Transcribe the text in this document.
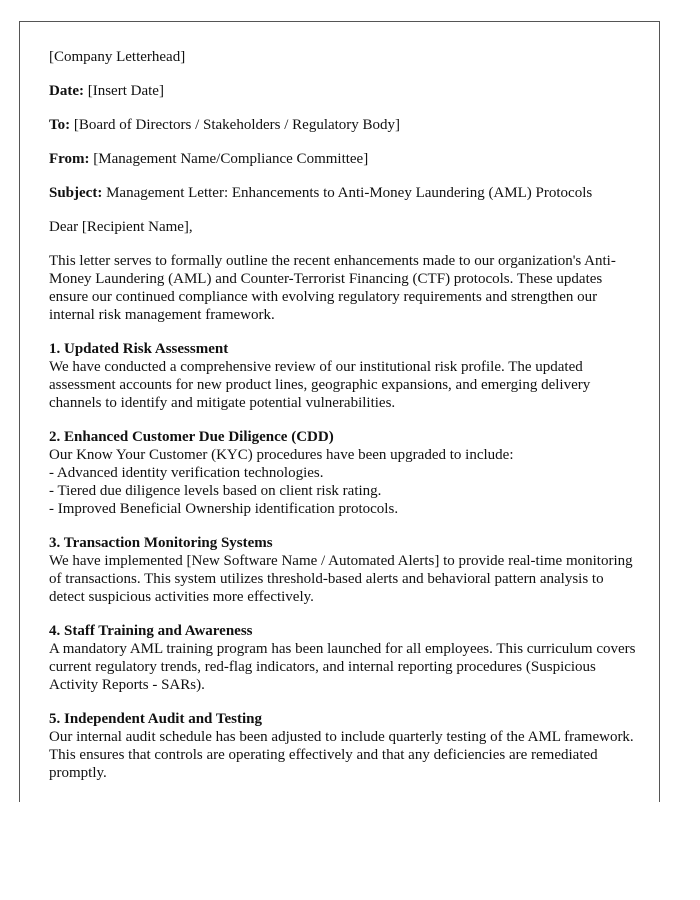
[Company Letterhead]
Date: [Insert Date]
To: [Board of Directors / Stakeholders / Regulatory Body]
From: [Management Name/Compliance Committee]
Subject: Management Letter: Enhancements to Anti-Money Laundering (AML) Protocols
Dear [Recipient Name],

This letter serves to formally outline the recent enhancements made to our organization's Anti-Money Laundering (AML) and Counter-Terrorist Financing (CTF) protocols. These updates ensure our continued compliance with evolving regulatory requirements and strengthen our internal risk management framework.

1. Updated Risk Assessment
We have conducted a comprehensive review of our institutional risk profile. The updated assessment accounts for new product lines, geographic expansions, and emerging delivery channels to identify and mitigate potential vulnerabilities.
2. Enhanced Customer Due Diligence (CDD)
Our Know Your Customer (KYC) procedures have been upgraded to include:
- Advanced identity verification technologies.
- Tiered due diligence levels based on client risk rating.
- Improved Beneficial Ownership identification protocols.
3. Transaction Monitoring Systems
We have implemented [New Software Name / Automated Alerts] to provide real-time monitoring of transactions. This system utilizes threshold-based alerts and behavioral pattern analysis to detect suspicious activities more effectively.
4. Staff Training and Awareness
A mandatory AML training program has been launched for all employees. This curriculum covers current regulatory trends, red-flag indicators, and internal reporting procedures (Suspicious Activity Reports - SARs).
5. Independent Audit and Testing
Our internal audit schedule has been adjusted to include quarterly testing of the AML framework. This ensures that controls are operating effectively and that any deficiencies are remediated promptly.
